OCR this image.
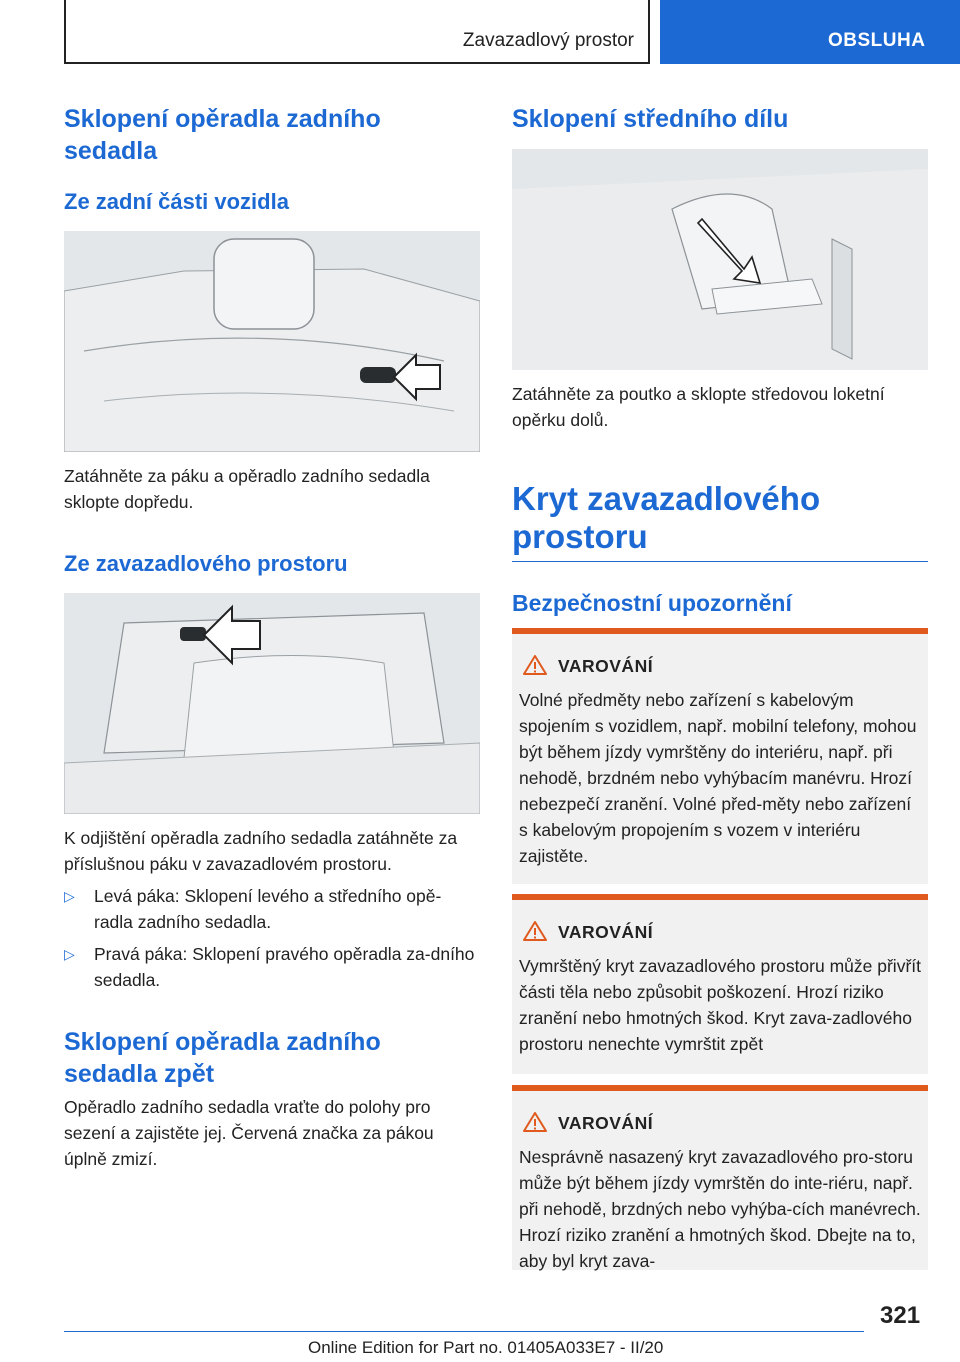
Zavazadlový prostor	OBSLUHA
Sklopení opěradla zadního sedadla
Ze zadní části vozidla

Zatáhněte za páku a opěradlo zadního sedadla sklopte dopředu.

Ze zavazadlového prostoru

K odjištění opěradla zadního sedadla zatáhněte za příslušnou páku v zavazadlovém prostoru.

▷ Levá páka: Sklopení levého a středního opě‐radla zadního sedadla.
▷ Pravá páka: Sklopení pravého opěradla za‐dního sedadla.
Sklopení opěradla zadního sedadla zpět

Opěradlo zadního sedadla vraťte do polohy pro sezení a zajistěte jej. Červená značka za pákou úplně zmizí.

Sklopení středního dílu

Zatáhněte za poutko a sklopte středovou loketní opěrku dolů.

Kryt zavazadlového prostoru
Bezpečnostní upozornění
VAROVÁNÍ
Volné předměty nebo zařízení s kabelovým spojením s vozidlem, např. mobilní telefony, mohou být během jízdy vymrštěny do interiéru, např. při nehodě, brzdném nebo vyhýbacím manévru. Hrozí nebezpečí zranění. Volné před‐měty nebo zařízení s kabelovým propojením s vozem v interiéru zajistěte.
VAROVÁNÍ
Vymrštěný kryt zavazadlového prostoru může přivřít části těla nebo způsobit poškození. Hrozí riziko zranění nebo hmotných škod. Kryt zava‐zadlového prostoru nenechte vymrštit zpět
VAROVÁNÍ
Nesprávně nasazený kryt zavazadlového pro‐storu může být během jízdy vymrštěn do inte‐riéru, např. při nehodě, brzdných nebo vyhýba‐cích manévrech. Hrozí riziko zranění a hmotných škod. Dbejte na to, aby byl kryt zava‐
321
Online Edition for Part no. 01405A033E7 - II/20
